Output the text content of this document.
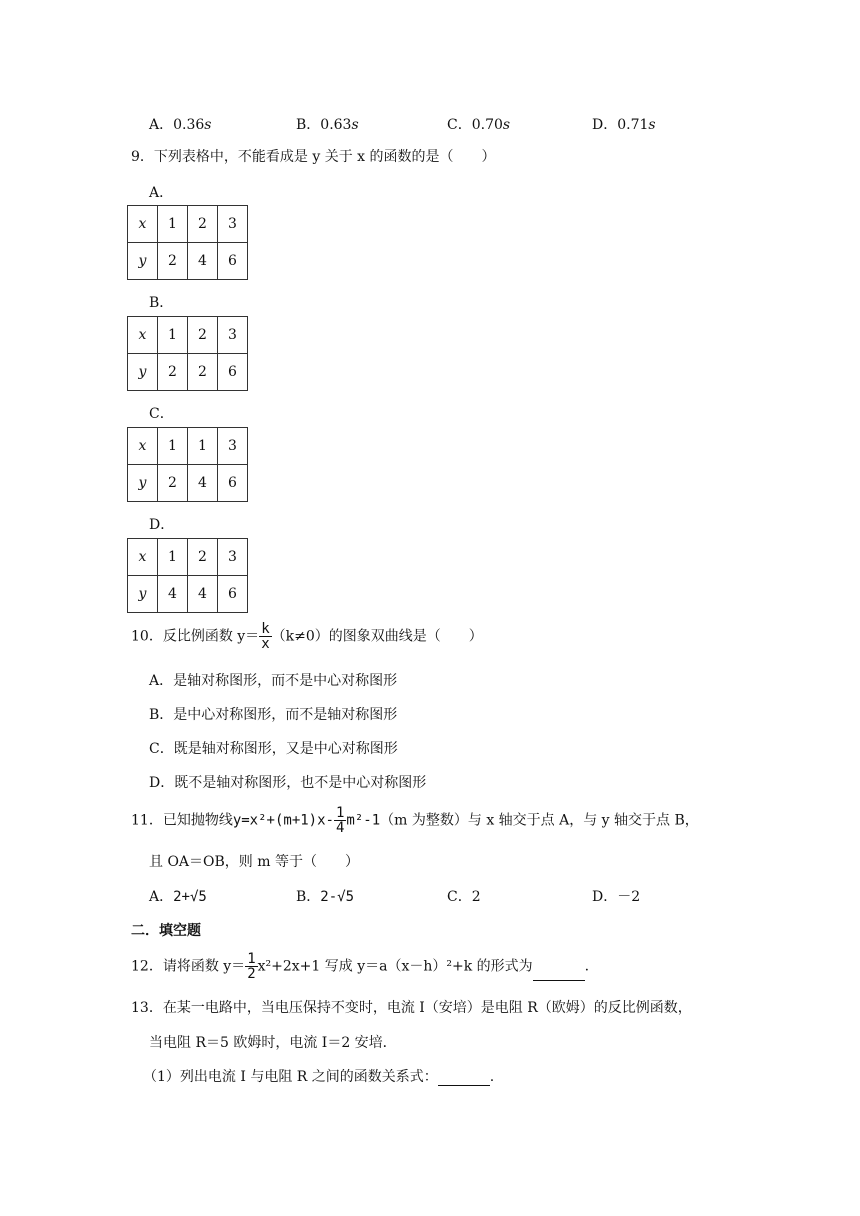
A．0.36s	B．0.63s	C．0.70s	D．0.71s
9．下列表格中，不能看成是 y 关于 x 的函数的是（　　）
A．
x	1	2	3
y	2	4	6
B．
x	1	2	3
y	2	2	6
C．
x	1	1	3
y	2	4	6
D．
x	1	2	3
y	4	4	6
10．反比例函数 $y= \frac{k}{x} (k\ne 0)$的图象双曲线是（　　）
A．是轴对称图形，而不是中心对称图形
B．是中心对称图形，而不是轴对称图形
C．既是轴对称图形，又是中心对称图形
D．既不是轴对称图形，也不是中心对称图形
11．已知抛物线$y=x^2+(m+1)x- \frac{1}{4} m^2-1(m$ 为整数）与 x 轴交于点 A，与 y 轴交于点 B，
且 OA＝OB，则 m 等于（　　）
A．2+√5	B．2-√5	C．2	D．－2
二．填空题
12．请将函数 $y= \frac{1}{2} x^2+2x+1$ 写成 y＝a（x－h）²+k 的形式为	.
13．在某一电路中，当电压保持不变时，电流 I（安培）是电阻 R（欧姆）的反比例函数，
当电阻 R＝5 欧姆时，电流 I＝2 安培．
（1）列出电流 I 与电阻 R 之间的函数关系式：	.
